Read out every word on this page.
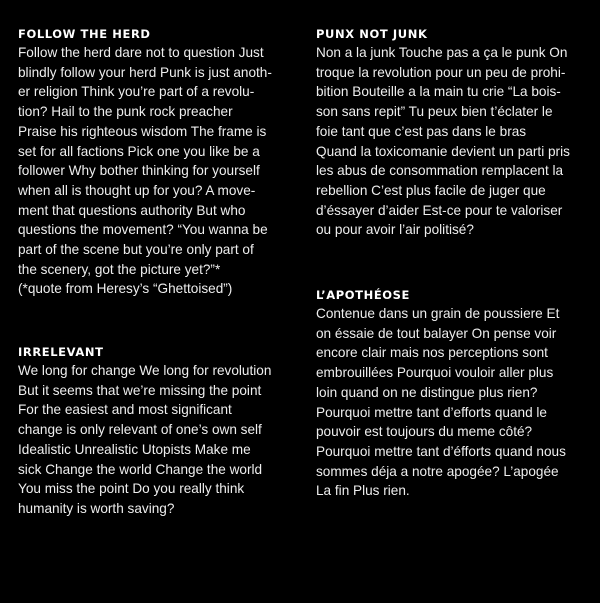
FOLLOW THE HERD

Follow the herd dare not to question Just
blindly follow your herd Punk is just anoth-
er religion Think you’re part of a revolu-
tion? Hail to the punk rock preacher
Praise his righteous wisdom The frame is
set for all factions Pick one you like be a
follower Why bother thinking for yourself
when all is thought up for you? A move-
ment that questions authority But who
questions the movement? “You wanna be
part of the scene but you’re only part of
the scenery, got the picture yet?”*
(*quote from Heresy’s “Ghettoised”)

IRRELEVANT

We long for change We long for revolution
But it seems that we’re missing the point
For the easiest and most significant
change is only relevant of one’s own self
Idealistic Unrealistic Utopists Make me
sick Change the world Change the world
You miss the point Do you really think
humanity is worth saving?

PUNX NOT JUNK

Non a la junk Touche pas a ça le punk On
troque la revolution pour un peu de prohi-
bition Bouteille a la main tu crie “La bois-
son sans repit” Tu peux bien t’éclater le
foie tant que c’est pas dans le bras
Quand la toxicomanie devient un parti pris
les abus de consommation remplacent la
rebellion C’est plus facile de juger que
d’éssayer d’aider Est-ce pour te valoriser
ou pour avoir l’air politisé?

L’APOTHÉOSE

Contenue dans un grain de poussiere Et
on éssaie de tout balayer On pense voir
encore clair mais nos perceptions sont
embrouillées Pourquoi vouloir aller plus
loin quand on ne distingue plus rien?
Pourquoi mettre tant d’efforts quand le
pouvoir est toujours du meme côté?
Pourquoi mettre tant d’éfforts quand nous
sommes déja a notre apogée? L’apogée
La fin Plus rien.
